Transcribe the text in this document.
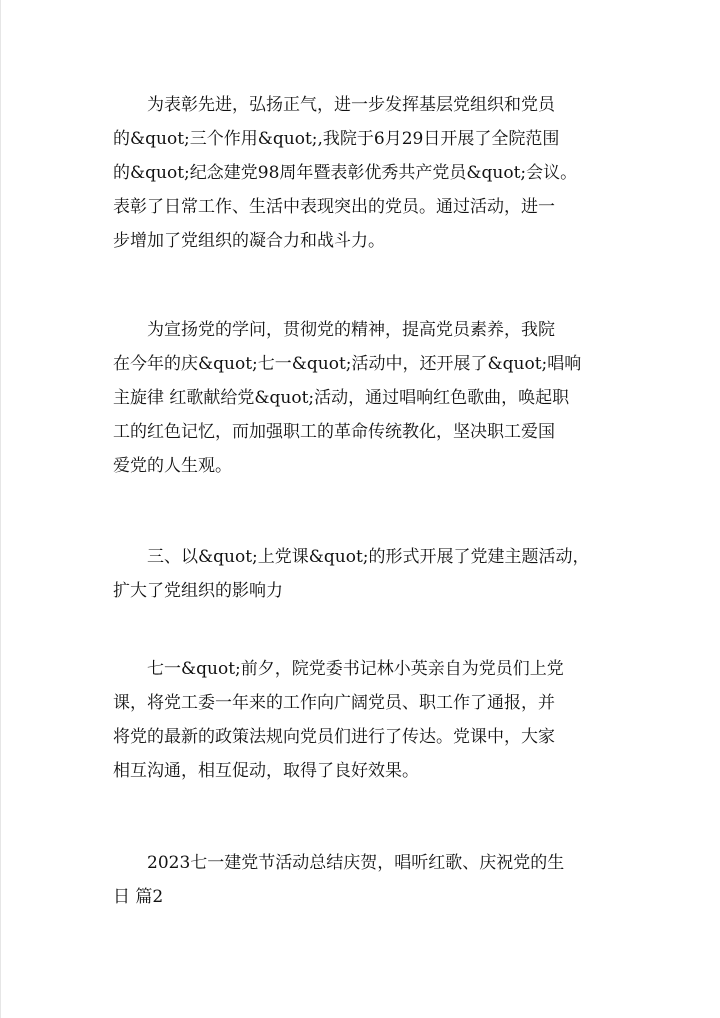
为表彰先进，弘扬正气，进一步发挥基层党组织和党员
的&quot;三个作用&quot;,我院于6月29日开展了全院范围
的&quot;纪念建党98周年暨表彰优秀共产党员&quot;会议。
表彰了日常工作、生活中表现突出的党员。通过活动，进一
步增加了党组织的凝合力和战斗力。
为宣扬党的学问，贯彻党的精神，提高党员素养，我院
在今年的庆&quot;七一&quot;活动中，还开展了&quot;唱响
主旋律 红歌献给党&quot;活动，通过唱响红色歌曲，唤起职
工的红色记忆，而加强职工的革命传统教化，坚决职工爱国
爱党的人生观。
三、以&quot;上党课&quot;的形式开展了党建主题活动，
扩大了党组织的影响力
七一&quot;前夕，院党委书记林小英亲自为党员们上党
课，将党工委一年来的工作向广阔党员、职工作了通报，并
将党的最新的政策法规向党员们进行了传达。党课中，大家
相互沟通，相互促动，取得了良好效果。
2023七一建党节活动总结庆贺，唱听红歌、庆祝党的生
日 篇2
